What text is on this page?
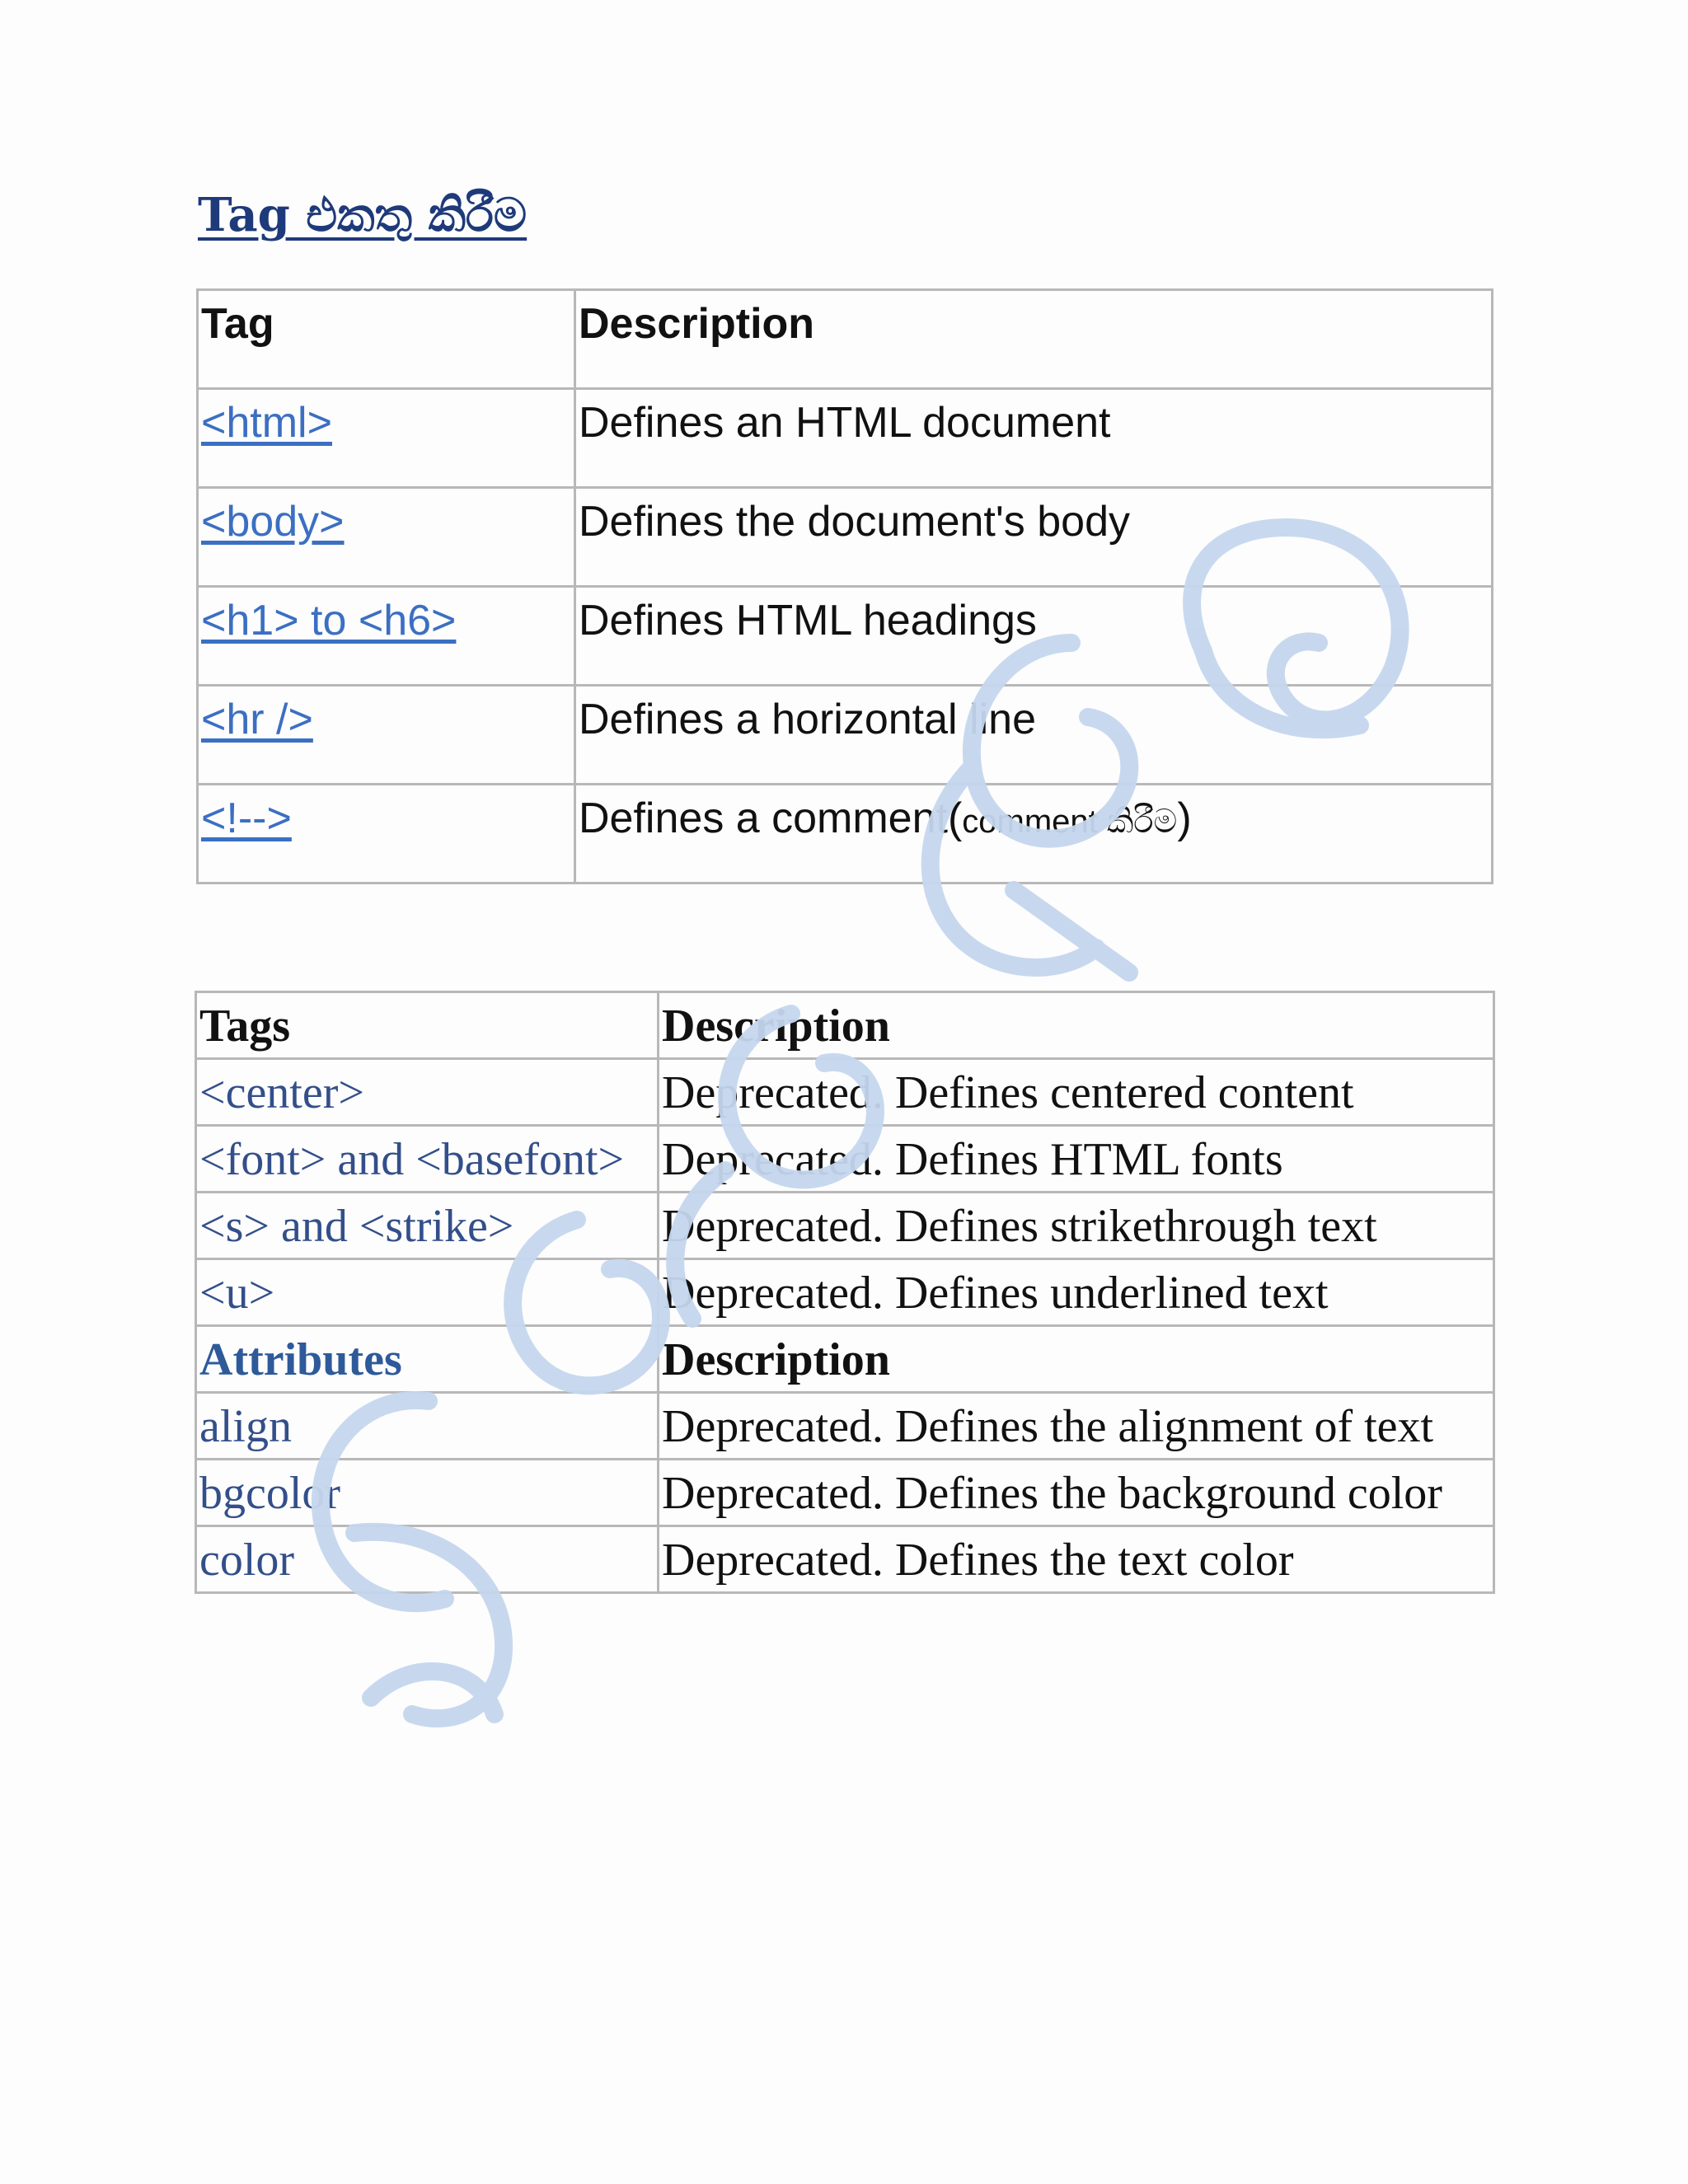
Tag එකතු කිරීම
Tag	Description
<html>	Defines an HTML document
<body>	Defines the document's body
<h1> to <h6>	Defines HTML headings
<hr />	Defines a horizontal line
<!-->	Defines a comment(comment කිරීම)
Tags	Description
<center>	Deprecated. Defines centered content
<font> and <basefont>	Deprecated. Defines HTML fonts
<s> and <strike>	Deprecated. Defines strikethrough text
<u>	Deprecated. Defines underlined text
Attributes	Description
align	Deprecated. Defines the alignment of text
bgcolor	Deprecated. Defines the background color
color	Deprecated. Defines the text color
